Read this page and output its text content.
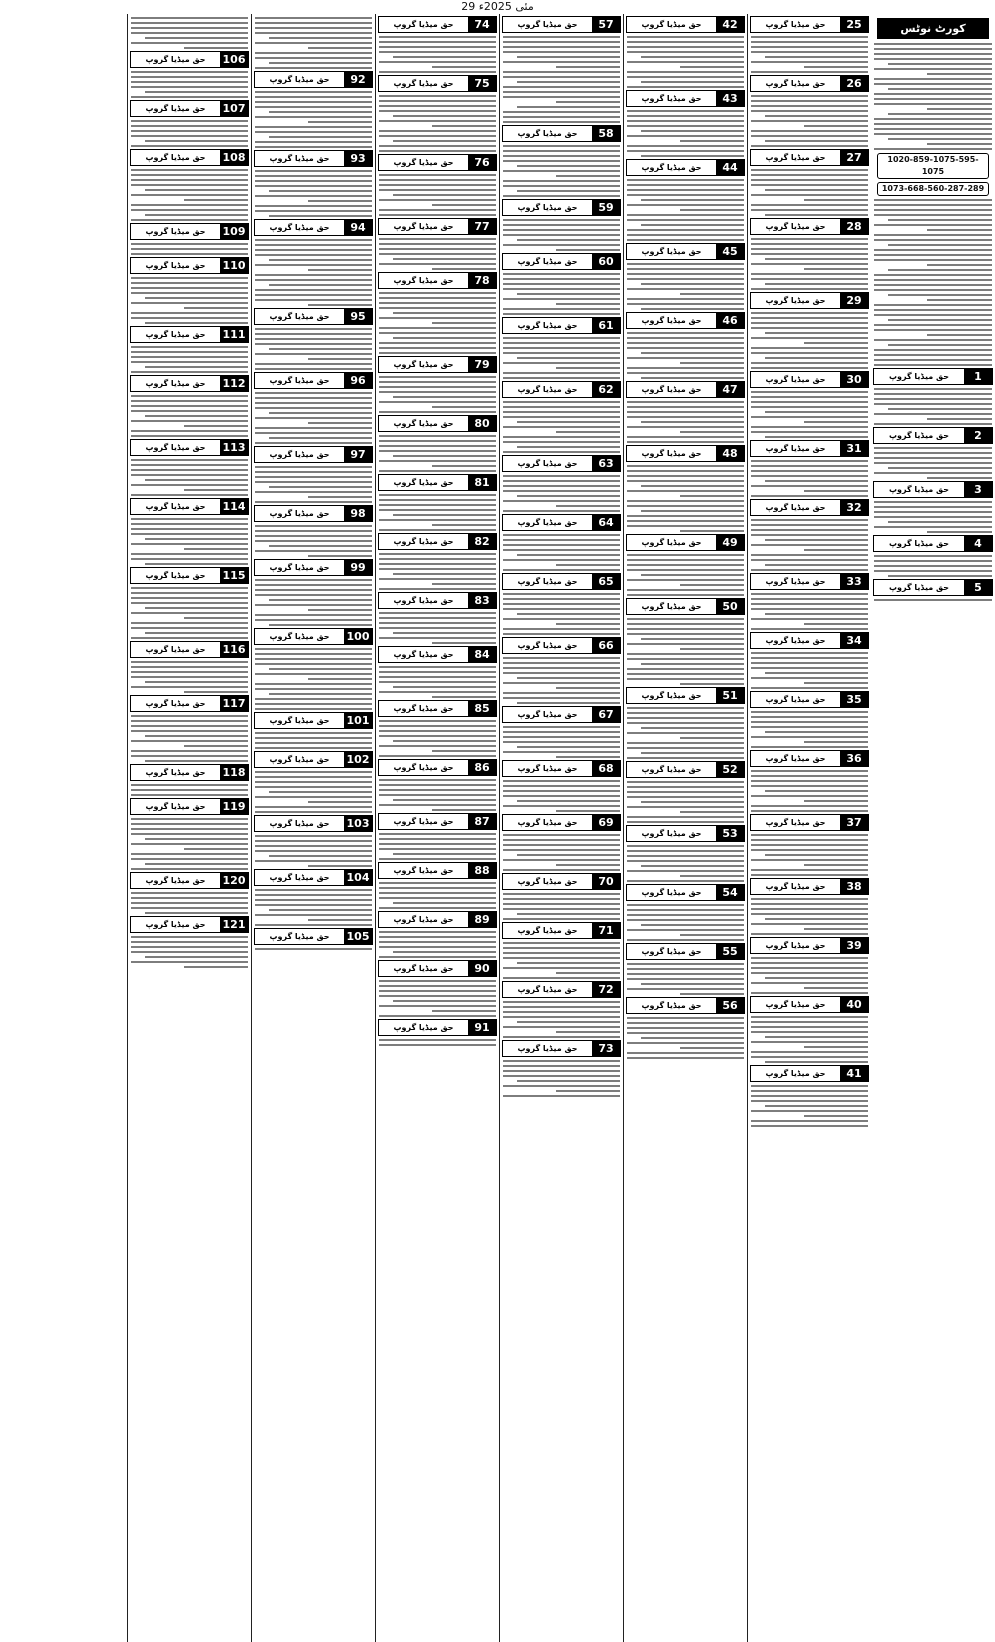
29 مئی 2025ء
کورٹ نوٹس
1020-859-1075-595-1075
1073-668-560-287-289
1
حق میڈیا گروپ
2
حق میڈیا گروپ
3
حق میڈیا گروپ
4
حق میڈیا گروپ
5
حق میڈیا گروپ
25
حق میڈیا گروپ
26
حق میڈیا گروپ
27
حق میڈیا گروپ
28
حق میڈیا گروپ
29
حق میڈیا گروپ
30
حق میڈیا گروپ
31
حق میڈیا گروپ
32
حق میڈیا گروپ
33
حق میڈیا گروپ
34
حق میڈیا گروپ
35
حق میڈیا گروپ
36
حق میڈیا گروپ
37
حق میڈیا گروپ
38
حق میڈیا گروپ
39
حق میڈیا گروپ
40
حق میڈیا گروپ
41
حق میڈیا گروپ
42
حق میڈیا گروپ
43
حق میڈیا گروپ
44
حق میڈیا گروپ
45
حق میڈیا گروپ
46
حق میڈیا گروپ
47
حق میڈیا گروپ
48
حق میڈیا گروپ
49
حق میڈیا گروپ
50
حق میڈیا گروپ
51
حق میڈیا گروپ
52
حق میڈیا گروپ
53
حق میڈیا گروپ
54
حق میڈیا گروپ
55
حق میڈیا گروپ
56
حق میڈیا گروپ
57
حق میڈیا گروپ
58
حق میڈیا گروپ
59
حق میڈیا گروپ
60
حق میڈیا گروپ
61
حق میڈیا گروپ
62
حق میڈیا گروپ
63
حق میڈیا گروپ
64
حق میڈیا گروپ
65
حق میڈیا گروپ
66
حق میڈیا گروپ
67
حق میڈیا گروپ
68
حق میڈیا گروپ
69
حق میڈیا گروپ
70
حق میڈیا گروپ
71
حق میڈیا گروپ
72
حق میڈیا گروپ
73
حق میڈیا گروپ
74
حق میڈیا گروپ
75
حق میڈیا گروپ
76
حق میڈیا گروپ
77
حق میڈیا گروپ
78
حق میڈیا گروپ
79
حق میڈیا گروپ
80
حق میڈیا گروپ
81
حق میڈیا گروپ
82
حق میڈیا گروپ
83
حق میڈیا گروپ
84
حق میڈیا گروپ
85
حق میڈیا گروپ
86
حق میڈیا گروپ
87
حق میڈیا گروپ
88
حق میڈیا گروپ
89
حق میڈیا گروپ
90
حق میڈیا گروپ
91
حق میڈیا گروپ
92
حق میڈیا گروپ
93
حق میڈیا گروپ
94
حق میڈیا گروپ
95
حق میڈیا گروپ
96
حق میڈیا گروپ
97
حق میڈیا گروپ
98
حق میڈیا گروپ
99
حق میڈیا گروپ
100
حق میڈیا گروپ
101
حق میڈیا گروپ
102
حق میڈیا گروپ
103
حق میڈیا گروپ
104
حق میڈیا گروپ
105
حق میڈیا گروپ
106
حق میڈیا گروپ
107
حق میڈیا گروپ
108
حق میڈیا گروپ
109
حق میڈیا گروپ
110
حق میڈیا گروپ
111
حق میڈیا گروپ
112
حق میڈیا گروپ
113
حق میڈیا گروپ
114
حق میڈیا گروپ
115
حق میڈیا گروپ
116
حق میڈیا گروپ
117
حق میڈیا گروپ
118
حق میڈیا گروپ
119
حق میڈیا گروپ
120
حق میڈیا گروپ
121
حق میڈیا گروپ
